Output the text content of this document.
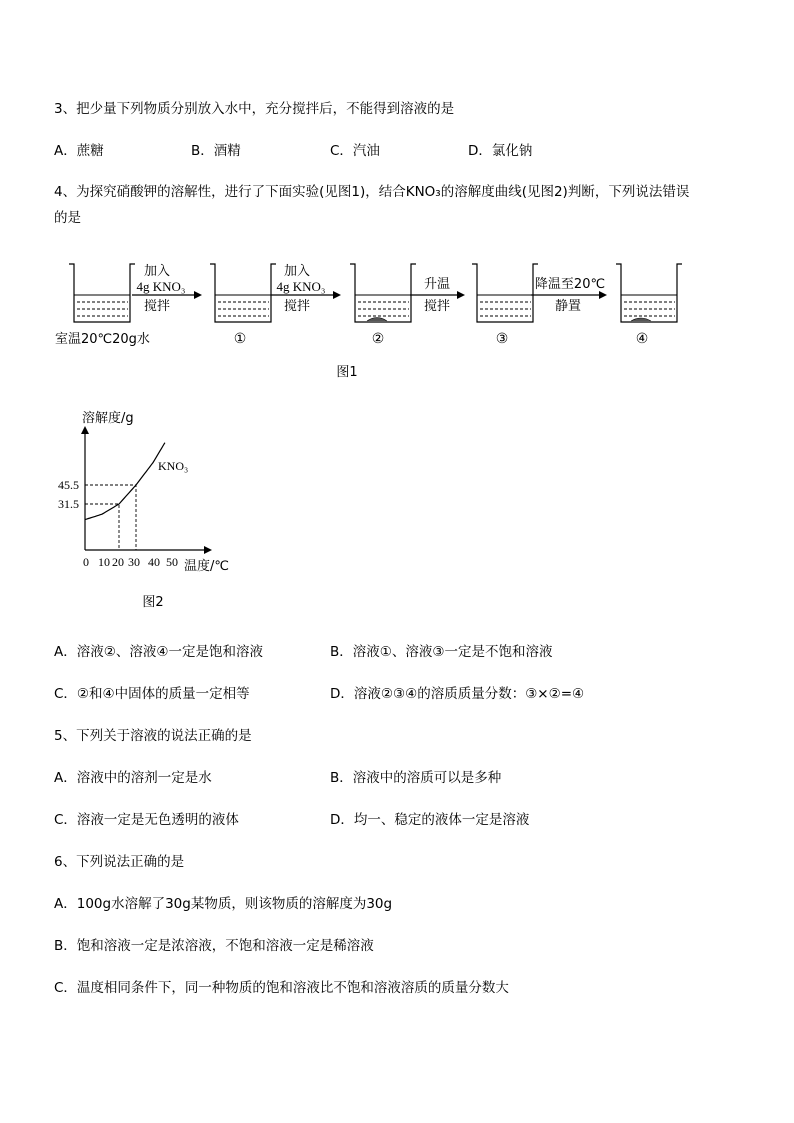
3、把少量下列物质分别放入水中，充分搅拌后，不能得到溶液的是
A．蔗糖	B．酒精	C．汽油	D．氯化钠
4、为探究硝酸钾的溶解性，进行了下面实验(见图1)，结合KNO₃的溶解度曲线(见图2)判断，下列说法错误
的是
加入
4g KNO₃
搅拌
加入
4g KNO₃
搅拌
升温
搅拌
降温至20℃
静置
室温20℃20g水	①	②	③	④
图1
溶解度/g
温度/℃
0 10 20 30 40 50
45.5
31.5
KNO₃
图2
A．溶液②、溶液④一定是饱和溶液	B．溶液①、溶液③一定是不饱和溶液
C．②和④中固体的质量一定相等	D．溶液②③④的溶质质量分数：③×②=④
5、下列关于溶液的说法正确的是
A．溶液中的溶剂一定是水	B．溶液中的溶质可以是多种
C．溶液一定是无色透明的液体	D．均一、稳定的液体一定是溶液
6、下列说法正确的是
A．100g水溶解了30g某物质，则该物质的溶解度为30g
B．饱和溶液一定是浓溶液，不饱和溶液一定是稀溶液
C．温度相同条件下，同一种物质的饱和溶液比不饱和溶液溶质的质量分数大
